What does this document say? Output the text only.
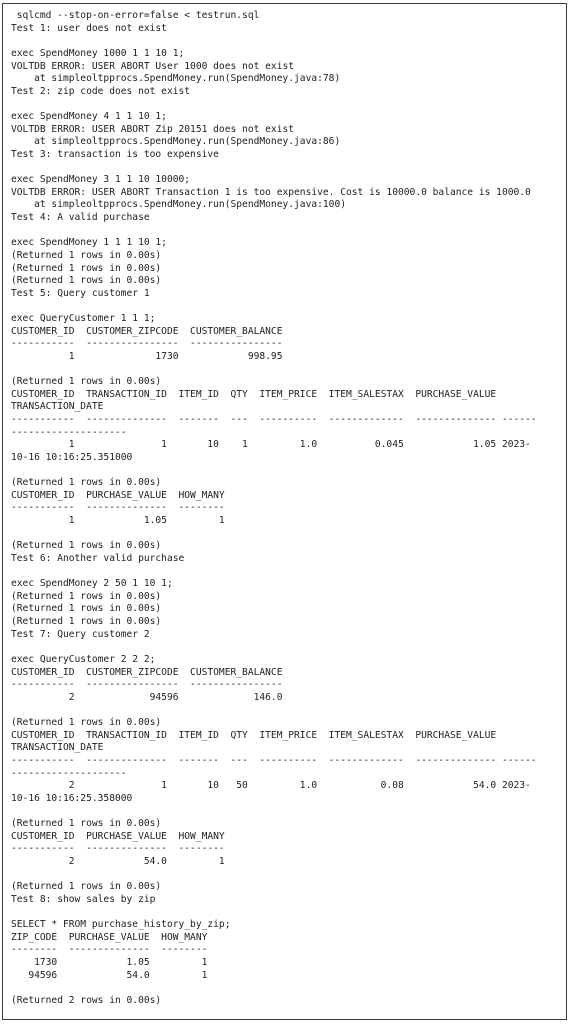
sqlcmd --stop-on-error=false < testrun.sql
Test 1: user does not exist

exec SpendMoney 1000 1 1 10 1;
VOLTDB ERROR: USER ABORT User 1000 does not exist
at simpleoltpprocs.SpendMoney.run(SpendMoney.java:78)
Test 2: zip code does not exist

exec SpendMoney 4 1 1 10 1;
VOLTDB ERROR: USER ABORT Zip 20151 does not exist
at simpleoltpprocs.SpendMoney.run(SpendMoney.java:86)
Test 3: transaction is too expensive

exec SpendMoney 3 1 1 10 10000;
VOLTDB ERROR: USER ABORT Transaction 1 is too expensive. Cost is 10000.0 balance is 1000.0
at simpleoltpprocs.SpendMoney.run(SpendMoney.java:100)
Test 4: A valid purchase

exec SpendMoney 1 1 1 10 1;
(Returned 1 rows in 0.00s)
(Returned 1 rows in 0.00s)
(Returned 1 rows in 0.00s)
Test 5: Query customer 1

exec QueryCustomer 1 1 1;
CUSTOMER_ID  CUSTOMER_ZIPCODE  CUSTOMER_BALANCE
-----------  ----------------  ----------------
1              1730            998.95

(Returned 1 rows in 0.00s)
CUSTOMER_ID  TRANSACTION_ID  ITEM_ID  QTY  ITEM_PRICE  ITEM_SALESTAX  PURCHASE_VALUE
TRANSACTION_DATE
-----------  --------------  -------  ---  ----------  -------------  -------------- ------
--------------------
1               1       10    1         1.0          0.045            1.05 2023-
10-16 10:16:25.351000

(Returned 1 rows in 0.00s)
CUSTOMER_ID  PURCHASE_VALUE  HOW_MANY
-----------  --------------  --------
1            1.05         1

(Returned 1 rows in 0.00s)
Test 6: Another valid purchase

exec SpendMoney 2 50 1 10 1;
(Returned 1 rows in 0.00s)
(Returned 1 rows in 0.00s)
(Returned 1 rows in 0.00s)
Test 7: Query customer 2

exec QueryCustomer 2 2 2;
CUSTOMER_ID  CUSTOMER_ZIPCODE  CUSTOMER_BALANCE
-----------  ----------------  ----------------
2             94596             146.0

(Returned 1 rows in 0.00s)
CUSTOMER_ID  TRANSACTION_ID  ITEM_ID  QTY  ITEM_PRICE  ITEM_SALESTAX  PURCHASE_VALUE
TRANSACTION_DATE
-----------  --------------  -------  ---  ----------  -------------  -------------- ------
--------------------
2               1       10   50         1.0           0.08            54.0 2023-
10-16 10:16:25.358000

(Returned 1 rows in 0.00s)
CUSTOMER_ID  PURCHASE_VALUE  HOW_MANY
-----------  --------------  --------
2            54.0         1

(Returned 1 rows in 0.00s)
Test 8: show sales by zip

SELECT * FROM purchase_history_by_zip;
ZIP_CODE  PURCHASE_VALUE  HOW_MANY
--------  --------------  --------
1730            1.05         1
94596            54.0         1

(Returned 2 rows in 0.00s)
